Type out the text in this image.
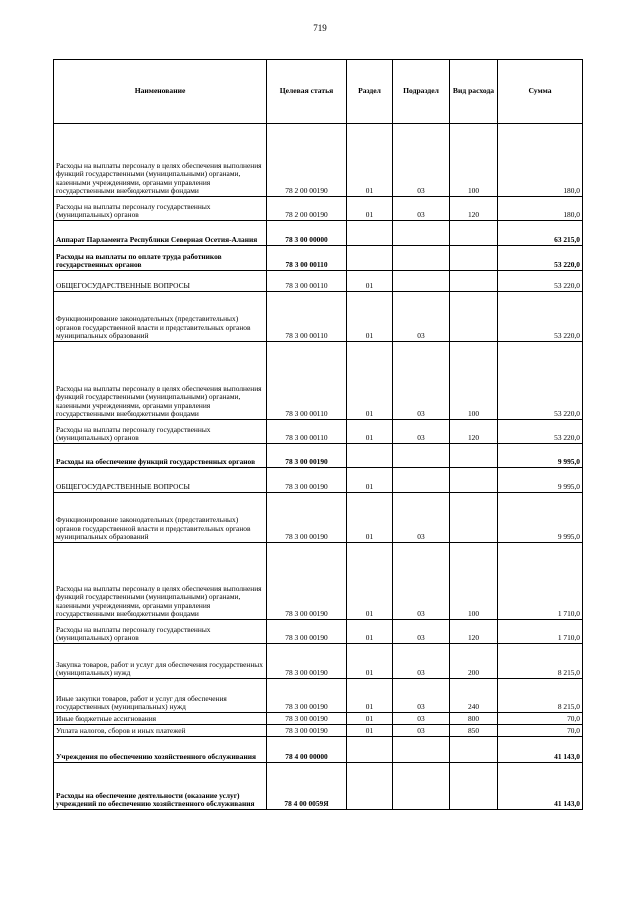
719
Наименование	Целевая статья	Раздел	Подраздел	Вид расхода	Сумма
Расходы на выплаты персоналу в целях обеспечения выполнения функций государственными (муниципальными) органами, казенными учреждениями, органами управления государственными внебюджетными фондами	78 2 00 00190	01	03	100	180,0
Расходы на выплаты персоналу государственных (муниципальных) органов	78 2 00 00190	01	03	120	180,0
Аппарат Парламента Республики Северная Осетия-Алания	78 3 00 00000				63 215,0
Расходы на выплаты по оплате труда работников государственных органов	78 3 00 00110				53 220,0
ОБЩЕГОСУДАРСТВЕННЫЕ ВОПРОСЫ	78 3 00 00110	01			53 220,0
Функционирование законодательных (представительных) органов государственной власти и представительных органов муниципальных образований	78 3 00 00110	01	03		53 220,0
Расходы на выплаты персоналу в целях обеспечения выполнения функций государственными (муниципальными) органами, казенными учреждениями, органами управления государственными внебюджетными фондами	78 3 00 00110	01	03	100	53 220,0
Расходы на выплаты персоналу государственных (муниципальных) органов	78 3 00 00110	01	03	120	53 220,0
Расходы на обеспечение функций государственных органов	78 3 00 00190				9 995,0
ОБЩЕГОСУДАРСТВЕННЫЕ ВОПРОСЫ	78 3 00 00190	01			9 995,0
Функционирование законодательных (представительных) органов государственной власти и представительных органов муниципальных образований	78 3 00 00190	01	03		9 995,0
Расходы на выплаты персоналу в целях обеспечения выполнения функций государственными (муниципальными) органами, казенными учреждениями, органами управления государственными внебюджетными фондами	78 3 00 00190	01	03	100	1 710,0
Расходы на выплаты персоналу государственных (муниципальных) органов	78 3 00 00190	01	03	120	1 710,0
Закупка товаров, работ и услуг для обеспечения государственных (муниципальных) нужд	78 3 00 00190	01	03	200	8 215,0
Иные закупки товаров, работ и услуг для обеспечения государственных (муниципальных) нужд	78 3 00 00190	01	03	240	8 215,0
Иные бюджетные ассигнования	78 3 00 00190	01	03	800	70,0
Уплата налогов, сборов и иных платежей	78 3 00 00190	01	03	850	70,0
Учреждения по обеспечению хозяйственного обслуживания	78 4 00 00000				41 143,0
Расходы на обеспечение деятельности (оказание услуг) учреждений по обеспечению хозяйственного обслуживания	78 4 00 0059Я				41 143,0
